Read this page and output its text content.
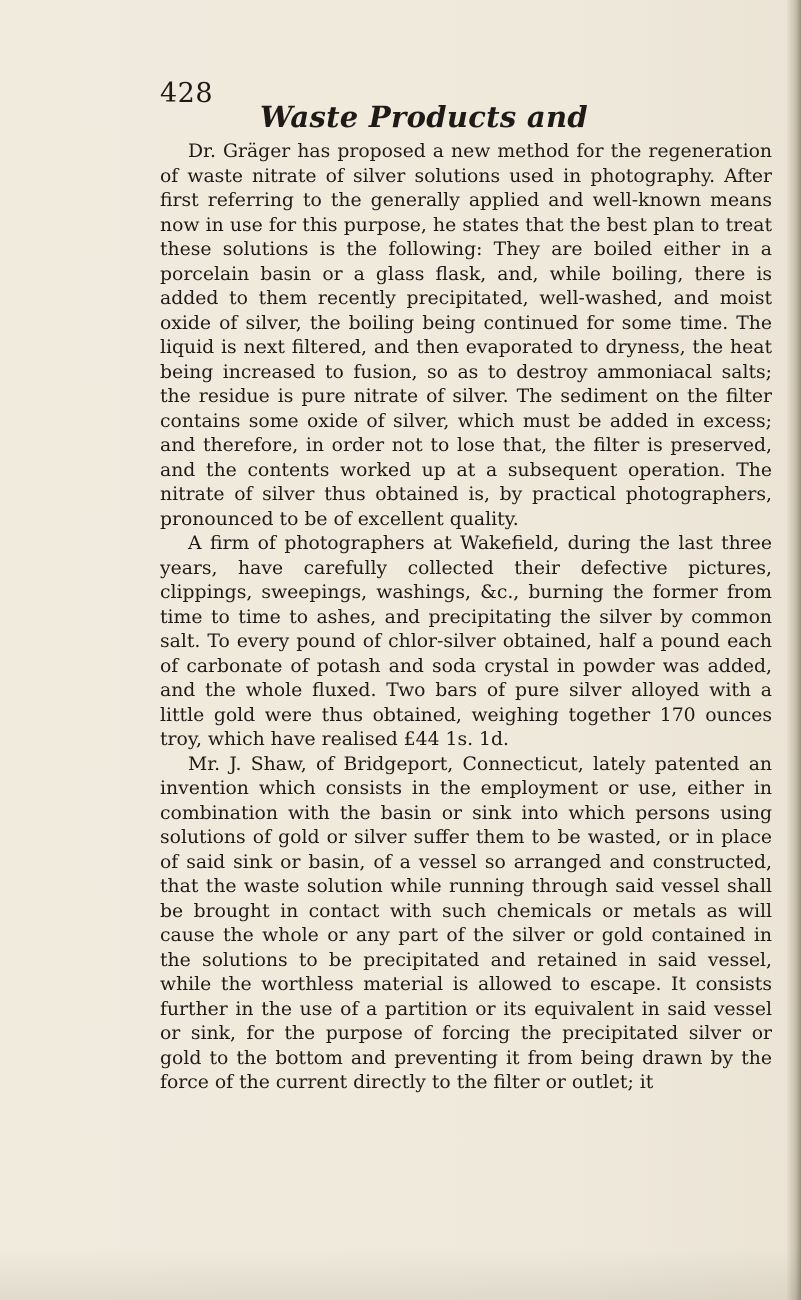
428
Waste Products and

Dr. Gräger has proposed a new method for the regeneration of waste nitrate of silver solutions used in photography. After first referring to the generally applied and well-known means now in use for this purpose, he states that the best plan to treat these solutions is the following: They are boiled either in a porcelain basin or a glass flask, and, while boiling, there is added to them recently precipitated, well-washed, and moist oxide of silver, the boiling being continued for some time. The liquid is next filtered, and then evaporated to dryness, the heat being increased to fusion, so as to destroy ammoniacal salts; the residue is pure nitrate of silver. The sediment on the filter contains some oxide of silver, which must be added in excess; and therefore, in order not to lose that, the filter is preserved, and the contents worked up at a subsequent operation. The nitrate of silver thus obtained is, by practical photographers, pronounced to be of excellent quality.

A firm of photographers at Wakefield, during the last three years, have carefully collected their defective pictures, clippings, sweepings, washings, &c., burning the former from time to time to ashes, and precipitating the silver by common salt. To every pound of chlor-silver obtained, half a pound each of carbonate of potash and soda crystal in powder was added, and the whole fluxed. Two bars of pure silver alloyed with a little gold were thus obtained, weighing together 170 ounces troy, which have realised £44 1s. 1d.

Mr. J. Shaw, of Bridgeport, Connecticut, lately patented an invention which consists in the employment or use, either in combination with the basin or sink into which persons using solutions of gold or silver suffer them to be wasted, or in place of said sink or basin, of a vessel so arranged and constructed, that the waste solution while running through said vessel shall be brought in contact with such chemicals or metals as will cause the whole or any part of the silver or gold contained in the solutions to be precipitated and retained in said vessel, while the worthless material is allowed to escape. It consists further in the use of a partition or its equivalent in said vessel or sink, for the purpose of forcing the precipitated silver or gold to the bottom and preventing it from being drawn by the force of the current directly to the filter or outlet; it
